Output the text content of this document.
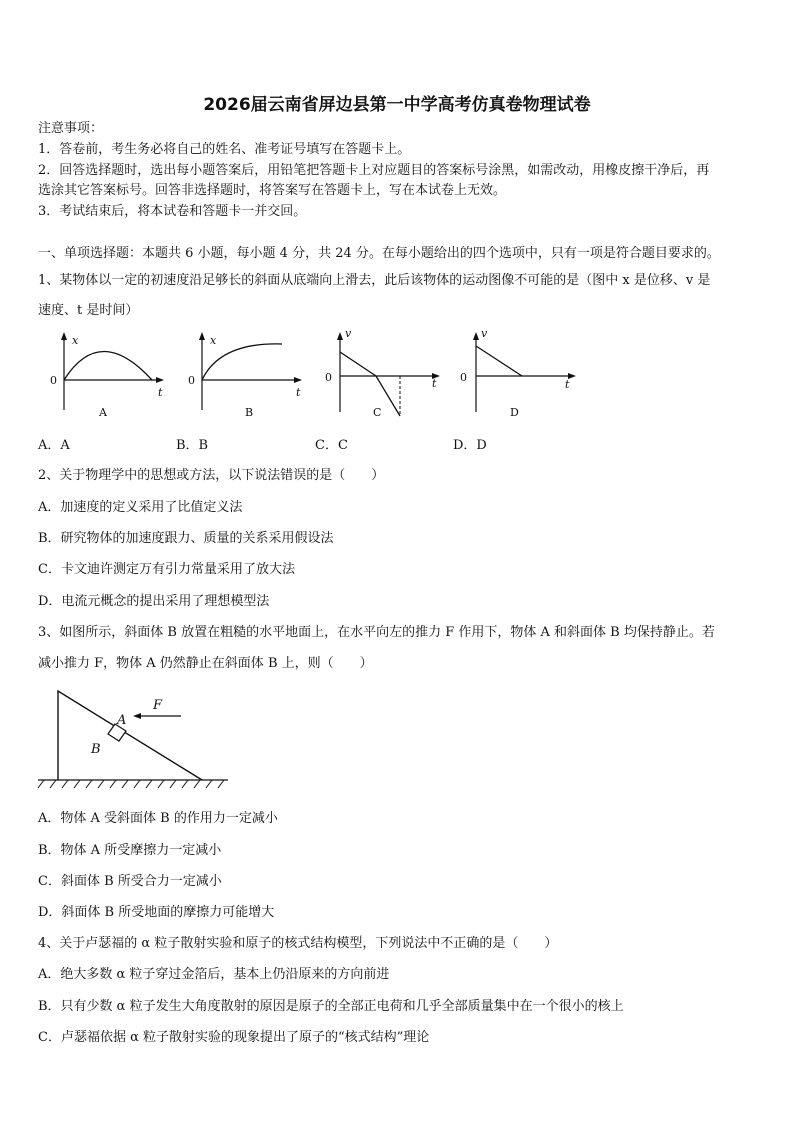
2026届云南省屏边县第一中学高考仿真卷物理试卷
注意事项：
1．答卷前，考生务必将自己的姓名、准考证号填写在答题卡上。
2．回答选择题时，选出每小题答案后，用铅笔把答题卡上对应题目的答案标号涂黑，如需改动，用橡皮擦干净后，再
选涂其它答案标号。回答非选择题时，将答案写在答题卡上，写在本试卷上无效。
3．考试结束后，将本试卷和答题卡一并交回。
一、单项选择题：本题共 6 小题，每小题 4 分，共 24 分。在每小题给出的四个选项中，只有一项是符合题目要求的。
1、某物体以一定的初速度沿足够长的斜面从底端向上滑去，此后该物体的运动图像不可能的是（图中 x 是位移、v 是
速度、t 是时间）
x
0
t
A
x
0
t
B
v
0	t
C
v
0
t
D
A．A	B．B	C．C	D．D
2、关于物理学中的思想或方法，以下说法错误的是（　　）
A．加速度的定义采用了比值定义法
B．研究物体的加速度跟力、质量的关系采用假设法
C．卡文迪许测定万有引力常量采用了放大法
D．电流元概念的提出采用了理想模型法
3、如图所示，斜面体 B 放置在粗糙的水平地面上，在水平向左的推力 F 作用下，物体 A 和斜面体 B 均保持静止。若
减小推力 F，物体 A 仍然静止在斜面体 B 上，则（　　）
A
B
F
A．物体 A 受斜面体 B 的作用力一定减小
B．物体 A 所受摩擦力一定减小
C．斜面体 B 所受合力一定减小
D．斜面体 B 所受地面的摩擦力可能增大
4、关于卢瑟福的 α 粒子散射实验和原子的核式结构模型，下列说法中不正确的是（　　）
A．绝大多数 α 粒子穿过金箔后，基本上仍沿原来的方向前进
B．只有少数 α 粒子发生大角度散射的原因是原子的全部正电荷和几乎全部质量集中在一个很小的核上
C．卢瑟福依据 α 粒子散射实验的现象提出了原子的“核式结构”理论
